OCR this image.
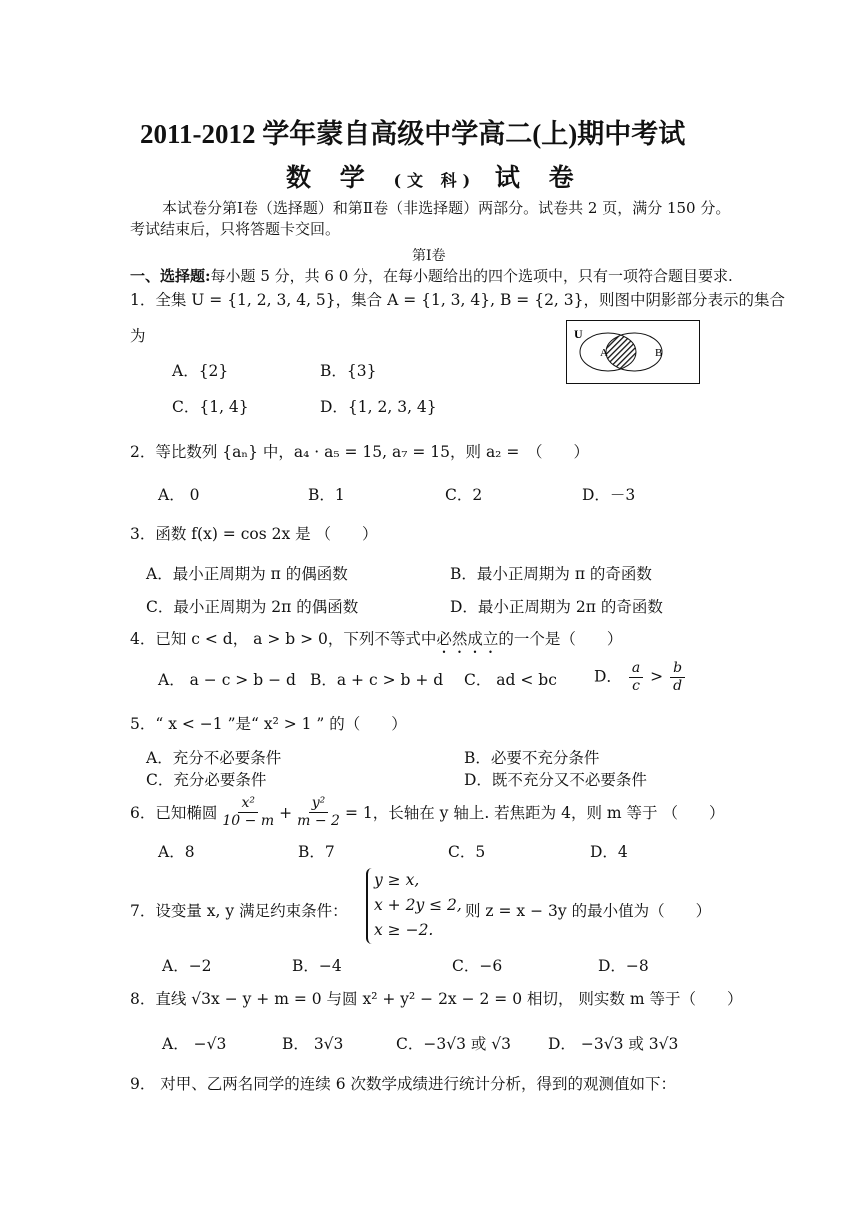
2011-2012 学年蒙自高级中学高二(上)期中考试
数 学 (文 科) 试 卷
本试卷分第Ⅰ卷（选择题）和第Ⅱ卷（非选择题）两部分。试卷共 2 页，满分 150 分。
考试结束后，只将答题卡交回。
第Ⅰ卷
一、选择题:每小题 5 分，共 6 0 分，在每小题给出的四个选项中，只有一项符合题目要求.
1．全集 U = {1, 2, 3, 4, 5}，集合 A = {1, 3, 4}, B = {2, 3}，则图中阴影部分表示的集合
为
A．{2}	B．{3}
C．{1, 4}	D．{1, 2, 3, 4}
U
A	B
2．等比数列 {aₙ} 中，a₄ · a₅ = 15, a₇ = 15，则 a₂ = （　　）
A． 0	B．1	C．2	D．－3
3．函数 f(x) = cos 2x 是 （　　）
A．最小正周期为 π 的偶函数	B．最小正周期为 π 的奇函数
C．最小正周期为 2π 的偶函数	D．最小正周期为 2π 的奇函数
4．已知 c < d， a > b > 0，下列不等式中必然成立的一个是（　　）
A． a − c > b − d B．a + c > b + d C． ad < bc D． $\frac{a}{c} > \frac{b}{d}$
5．“ x < −1 ”是“ x² > 1 ” 的（　　）
A．充分不必要条件	B．必要不充分条件
C．充分必要条件	D．既不充分又不必要条件
6．已知椭圆 $\frac{\text{x²}}{10 - m} + \frac{\text{y²}}{m - 2} = 1$，长轴在 y 轴上. 若焦距为 4，则 m 等于 （　　）
A．8	B．7	C．5	D．4
7．设变量 x, y 满足约束条件：
y ≥ x,
x + 2y ≤ 2,
x ≥ −2.
则 z = x − 3y 的最小值为（　　）
A．−2	B．−4	C．−6	D．−8
8．直线 √3x − y + m = 0 与圆 x² + y² − 2x − 2 = 0 相切， 则实数 m 等于（　　）
A． −√3	B． 3√3	C．−3√3 或 √3 D． −3√3 或 3√3
9． 对甲、乙两名同学的连续 6 次数学成绩进行统计分析，得到的观测值如下：
